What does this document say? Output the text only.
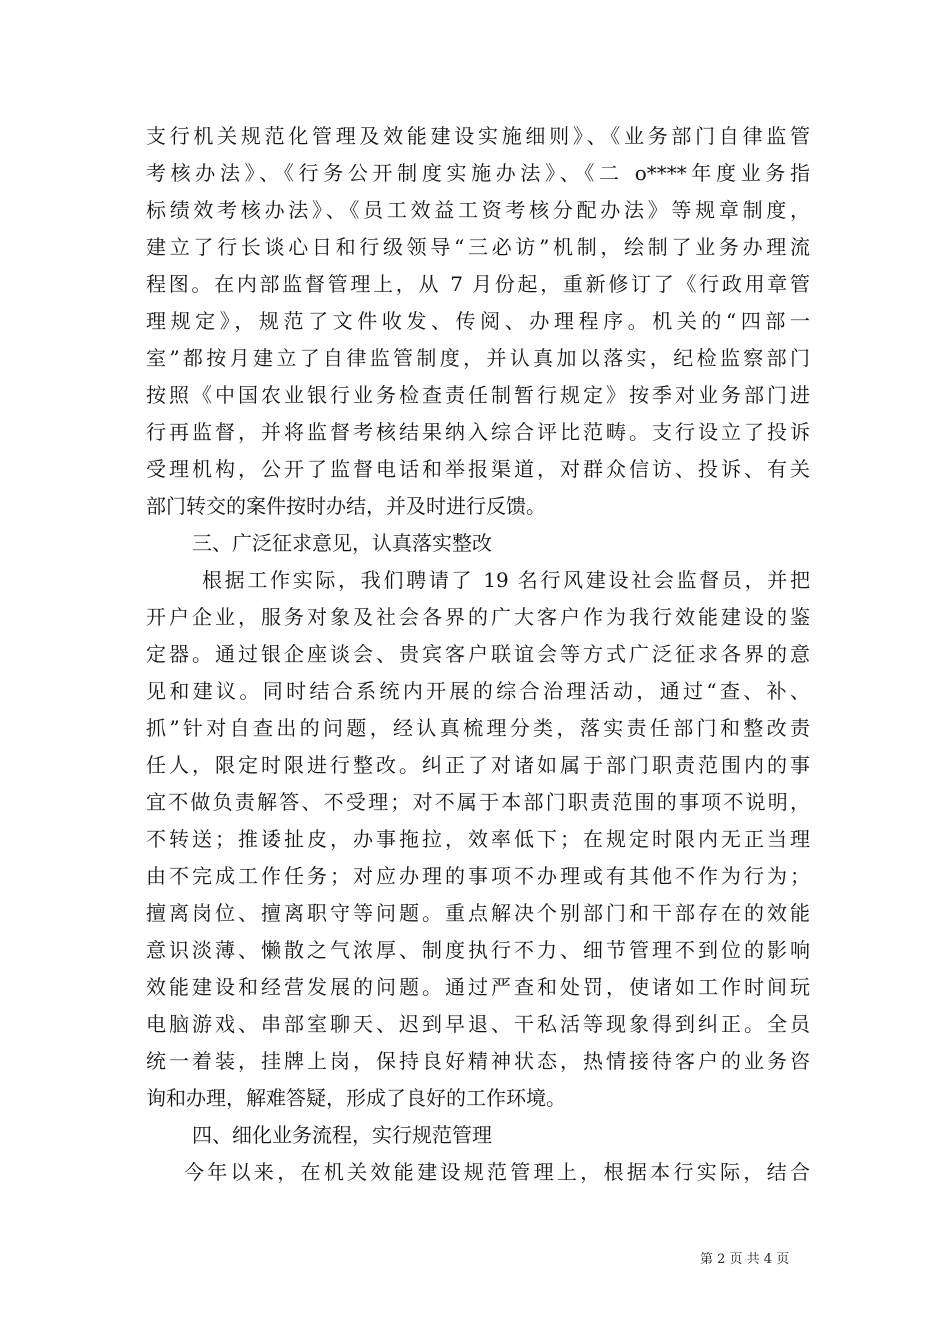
支行机关规范化管理及效能建设实施细则》、《业务部门自律监管
考核办法》、《行务公开制度实施办法》、《二 o****年度业务指
标绩效考核办法》、《员工效益工资考核分配办法》等规章制度，
建立了行长谈心日和行级领导“三必访”机制，绘制了业务办理流
程图。在内部监督管理上，从 7 月份起，重新修订了《行政用章管
理规定》，规范了文件收发、传阅、办理程序。机关的“四部一
室”都按月建立了自律监管制度，并认真加以落实，纪检监察部门
按照《中国农业银行业务检查责任制暂行规定》按季对业务部门进
行再监督，并将监督考核结果纳入综合评比范畴。支行设立了投诉
受理机构，公开了监督电话和举报渠道，对群众信访、投诉、有关
部门转交的案件按时办结，并及时进行反馈。
三、广泛征求意见，认真落实整改
根据工作实际，我们聘请了 19 名行风建设社会监督员，并把
开户企业，服务对象及社会各界的广大客户作为我行效能建设的鉴
定器。通过银企座谈会、贵宾客户联谊会等方式广泛征求各界的意
见和建议。同时结合系统内开展的综合治理活动，通过“查、补、
抓”针对自查出的问题，经认真梳理分类，落实责任部门和整改责
任人，限定时限进行整改。纠正了对诸如属于部门职责范围内的事
宜不做负责解答、不受理；对不属于本部门职责范围的事项不说明，
不转送；推诿扯皮，办事拖拉，效率低下；在规定时限内无正当理
由不完成工作任务；对应办理的事项不办理或有其他不作为行为；
擅离岗位、擅离职守等问题。重点解决个别部门和干部存在的效能
意识淡薄、懒散之气浓厚、制度执行不力、细节管理不到位的影响
效能建设和经营发展的问题。通过严查和处罚，使诸如工作时间玩
电脑游戏、串部室聊天、迟到早退、干私活等现象得到纠正。全员
统一着装，挂牌上岗，保持良好精神状态，热情接待客户的业务咨
询和办理，解难答疑，形成了良好的工作环境。
四、细化业务流程，实行规范管理
今年以来，在机关效能建设规范管理上，根据本行实际，结合
第 2 页 共 4 页
